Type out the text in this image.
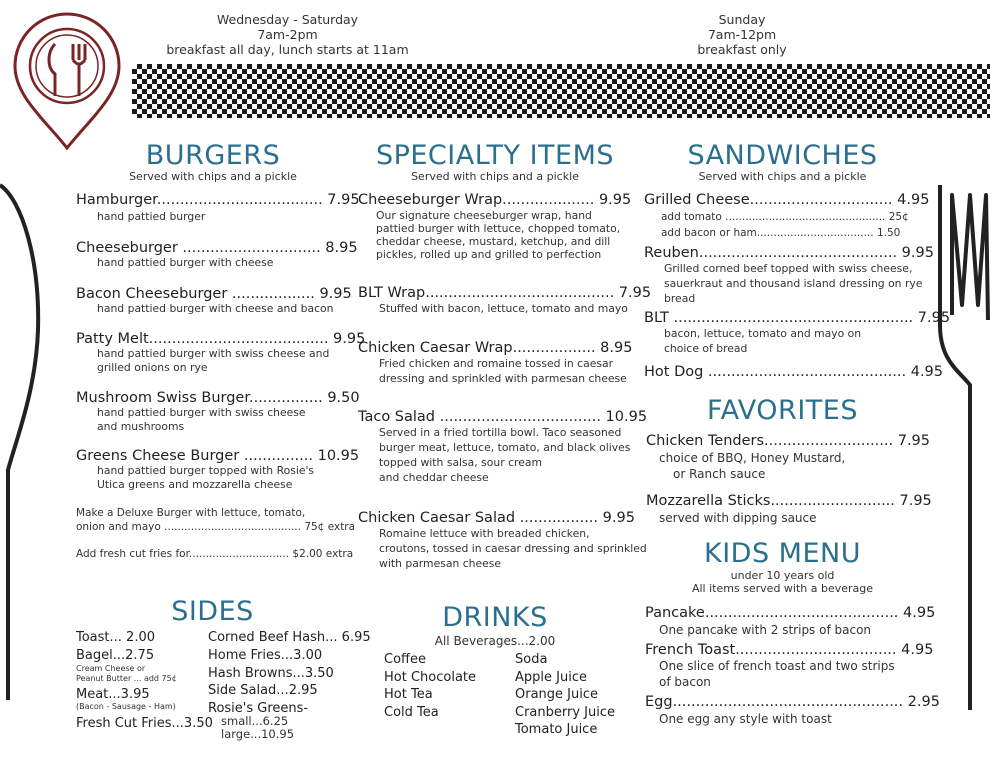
Wednesday - Saturday
7am-2pm
breakfast all day, lunch starts at 11am
Sunday
7am-12pm
breakfast only
BURGERS
Served with chips and a pickle
Hamburger.................................... 7.95
hand pattied burger
Cheeseburger .............................. 8.95
hand pattied burger with cheese
Bacon Cheeseburger .................. 9.95
hand pattied burger with cheese and bacon
Patty Melt....................................... 9.95
hand pattied burger with swiss cheese and
grilled onions on rye
Mushroom Swiss Burger................ 9.50
hand pattied burger with swiss cheese
and mushrooms
Greens Cheese Burger ............... 10.95
hand pattied burger topped with Rosie's
Utica greens and mozzarella cheese
Make a Deluxe Burger with lettuce, tomato,
onion and mayo ......................................... 75¢ extra
Add fresh cut fries for.............................. $2.00 extra
SPECIALTY ITEMS
Served with chips and a pickle
Cheeseburger Wrap.................... 9.95
Our signature cheeseburger wrap, hand
pattied burger with lettuce, chopped tomato,
cheddar cheese, mustard, ketchup, and dill
pickles, rolled up and grilled to perfection
BLT Wrap......................................... 7.95
Stuffed with bacon, lettuce, tomato and mayo
Chicken Caesar Wrap.................. 8.95
Fried chicken and romaine tossed in caesar
dressing and sprinkled with parmesan cheese
Taco Salad ................................... 10.95
Served in a fried tortilla bowl. Taco seasoned
burger meat, lettuce, tomato, and black olives
topped with salsa, sour cream
and cheddar cheese
Chicken Caesar Salad ................. 9.95
Romaine lettuce with breaded chicken,
croutons, tossed in caesar dressing and sprinkled
with parmesan cheese
SANDWICHES
Served with chips and a pickle
Grilled Cheese............................... 4.95
add tomato ................................................ 25¢
add bacon or ham................................... 1.50
Reuben........................................... 9.95
Grilled corned beef topped with swiss cheese,
sauerkraut and thousand island dressing on rye
bread
BLT .................................................... 7.95
bacon, lettuce, tomato and mayo on
choice of bread
Hot Dog ........................................... 4.95
FAVORITES
Chicken Tenders............................ 7.95
choice of BBQ, Honey Mustard,
or Ranch sauce
Mozzarella Sticks........................... 7.95
served with dipping sauce
KIDS MENU
under 10 years old
All items served with a beverage
Pancake.......................................... 4.95
One pancake with 2 strips of bacon
French Toast................................... 4.95
One slice of french toast and two strips
of bacon
Egg.................................................. 2.95
One egg any style with toast
SIDES
Toast... 2.00
Bagel...2.75
Cream Cheese or
Peanut Butter ... add 75¢
Meat...3.95
(Bacon - Sausage - Ham)
Fresh Cut Fries...3.50
Corned Beef Hash... 6.95
Home Fries...3.00
Hash Browns...3.50
Side Salad...2.95
Rosie's Greens-
small...6.25
large...10.95
DRINKS
All Beverages...2.00
Coffee
Hot Chocolate
Hot Tea
Cold Tea
Soda
Apple Juice
Orange Juice
Cranberry Juice
Tomato Juice
